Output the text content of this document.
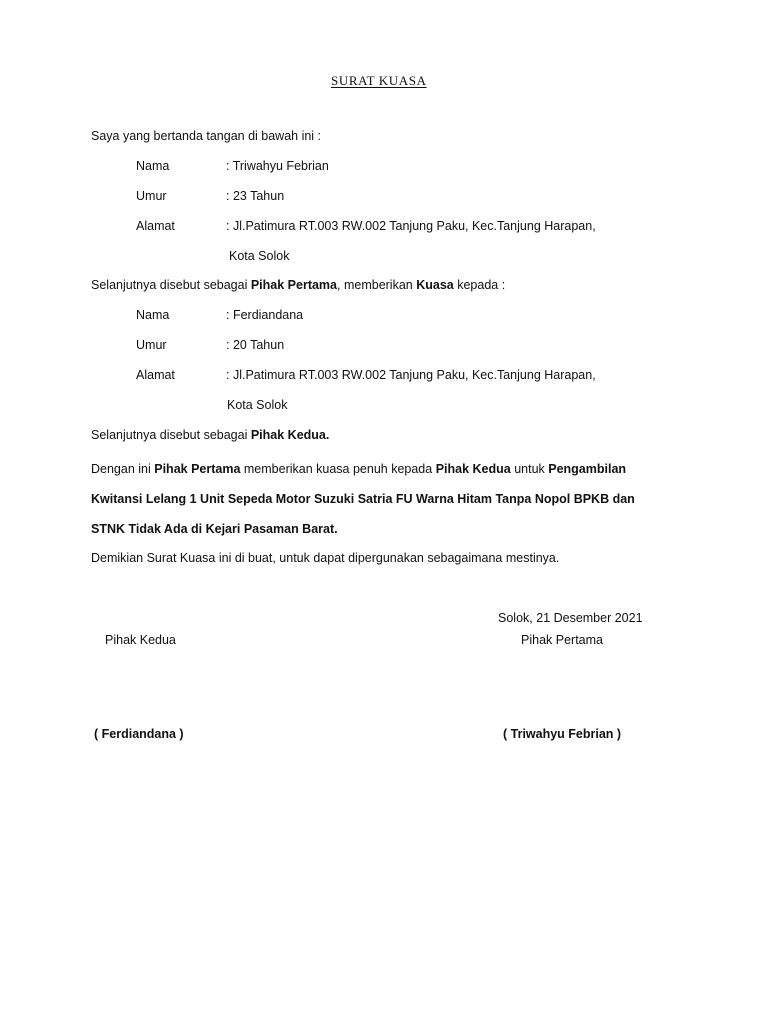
SURAT KUASA
Saya yang bertanda tangan di bawah ini :
Nama	: Triwahyu Febrian
Umur	: 23 Tahun
Alamat	: Jl.Patimura RT.003 RW.002 Tanjung Paku, Kec.Tanjung Harapan,
Kota Solok
Selanjutnya disebut sebagai Pihak Pertama, memberikan Kuasa kepada :
Nama	: Ferdiandana
Umur	: 20 Tahun
Alamat	: Jl.Patimura RT.003 RW.002 Tanjung Paku, Kec.Tanjung Harapan,
Kota Solok
Selanjutnya disebut sebagai Pihak Kedua.
Dengan ini Pihak Pertama memberikan kuasa penuh kepada Pihak Kedua untuk Pengambilan
Kwitansi Lelang 1 Unit Sepeda Motor Suzuki Satria FU Warna Hitam Tanpa Nopol BPKB dan
STNK Tidak Ada di Kejari Pasaman Barat.
Demikian Surat Kuasa ini di buat, untuk dapat dipergunakan sebagaimana mestinya.
Solok, 21 Desember 2021
Pihak Kedua	Pihak Pertama
( Ferdiandana )	( Triwahyu Febrian )
